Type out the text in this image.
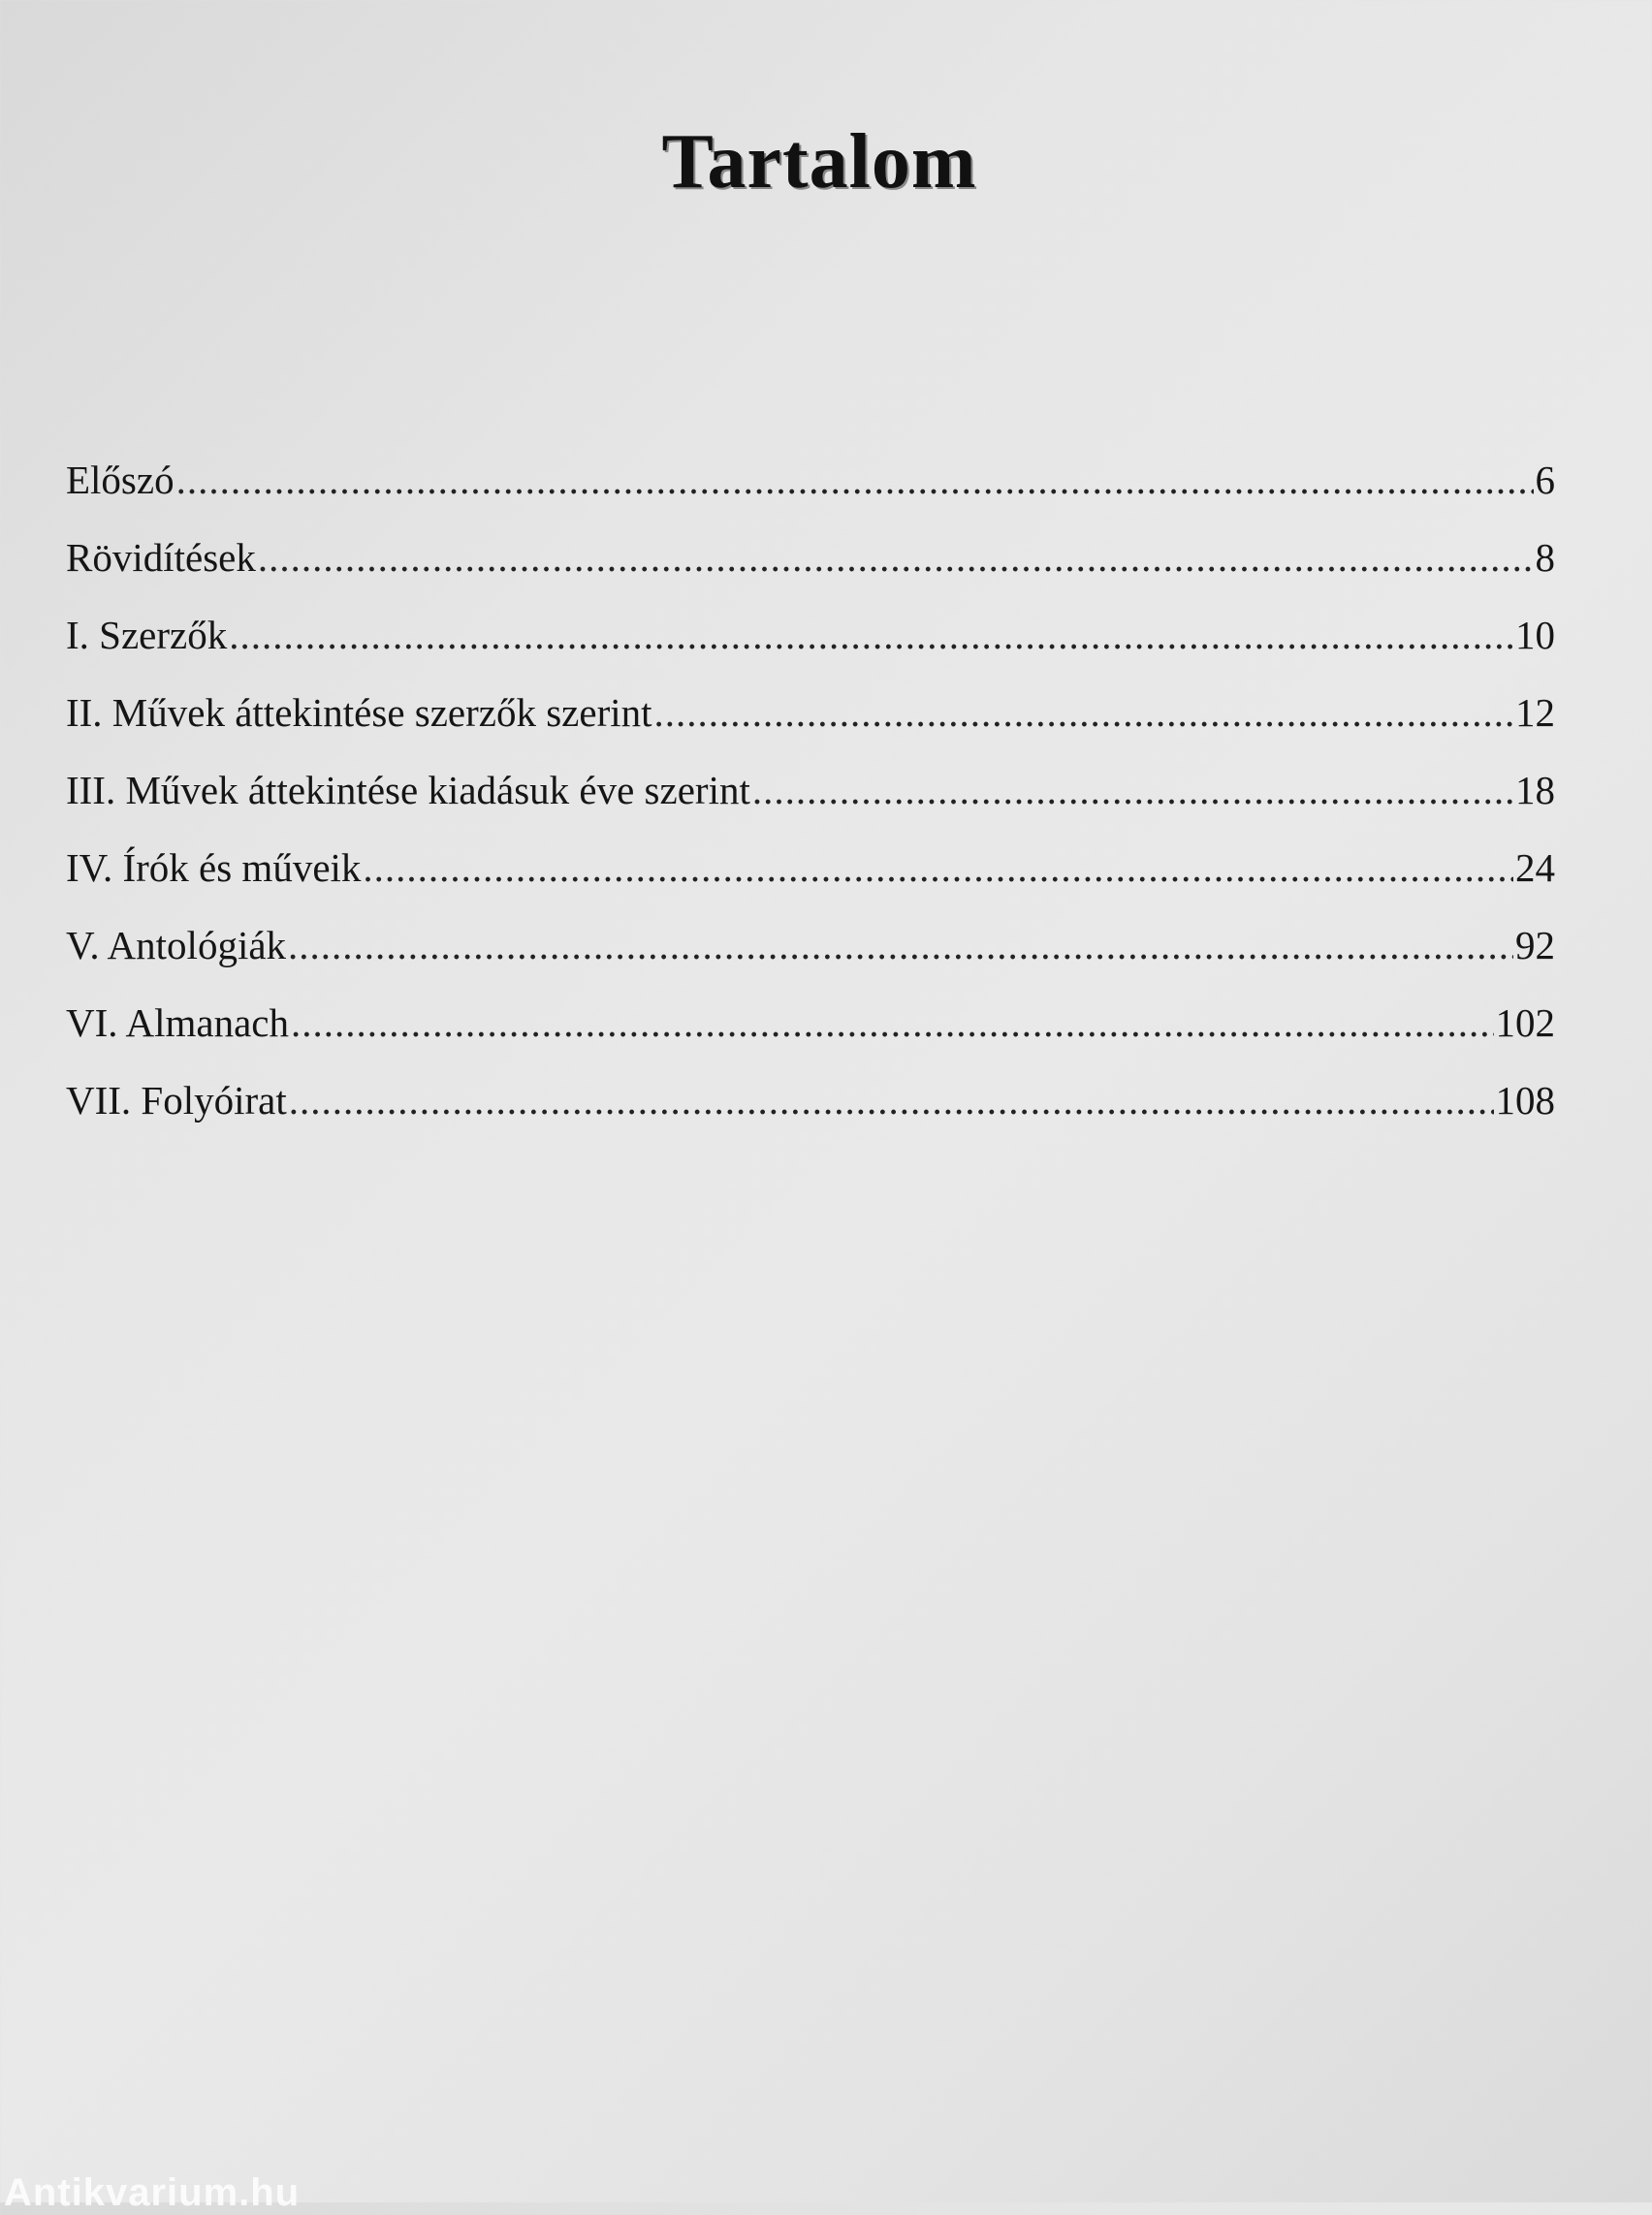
Tartalom
Előszó .....	6
Rövidítések .....	8
I. Szerzők .....	10
II. Művek áttekintése szerzők szerint .....	12
III. Művek áttekintése kiadásuk éve szerint .....	18
IV. Írók és műveik .....	24
V. Antológiák .....	92
VI. Almanach .....	102
VII. Folyóirat .....	108
Antikvarium.hu
